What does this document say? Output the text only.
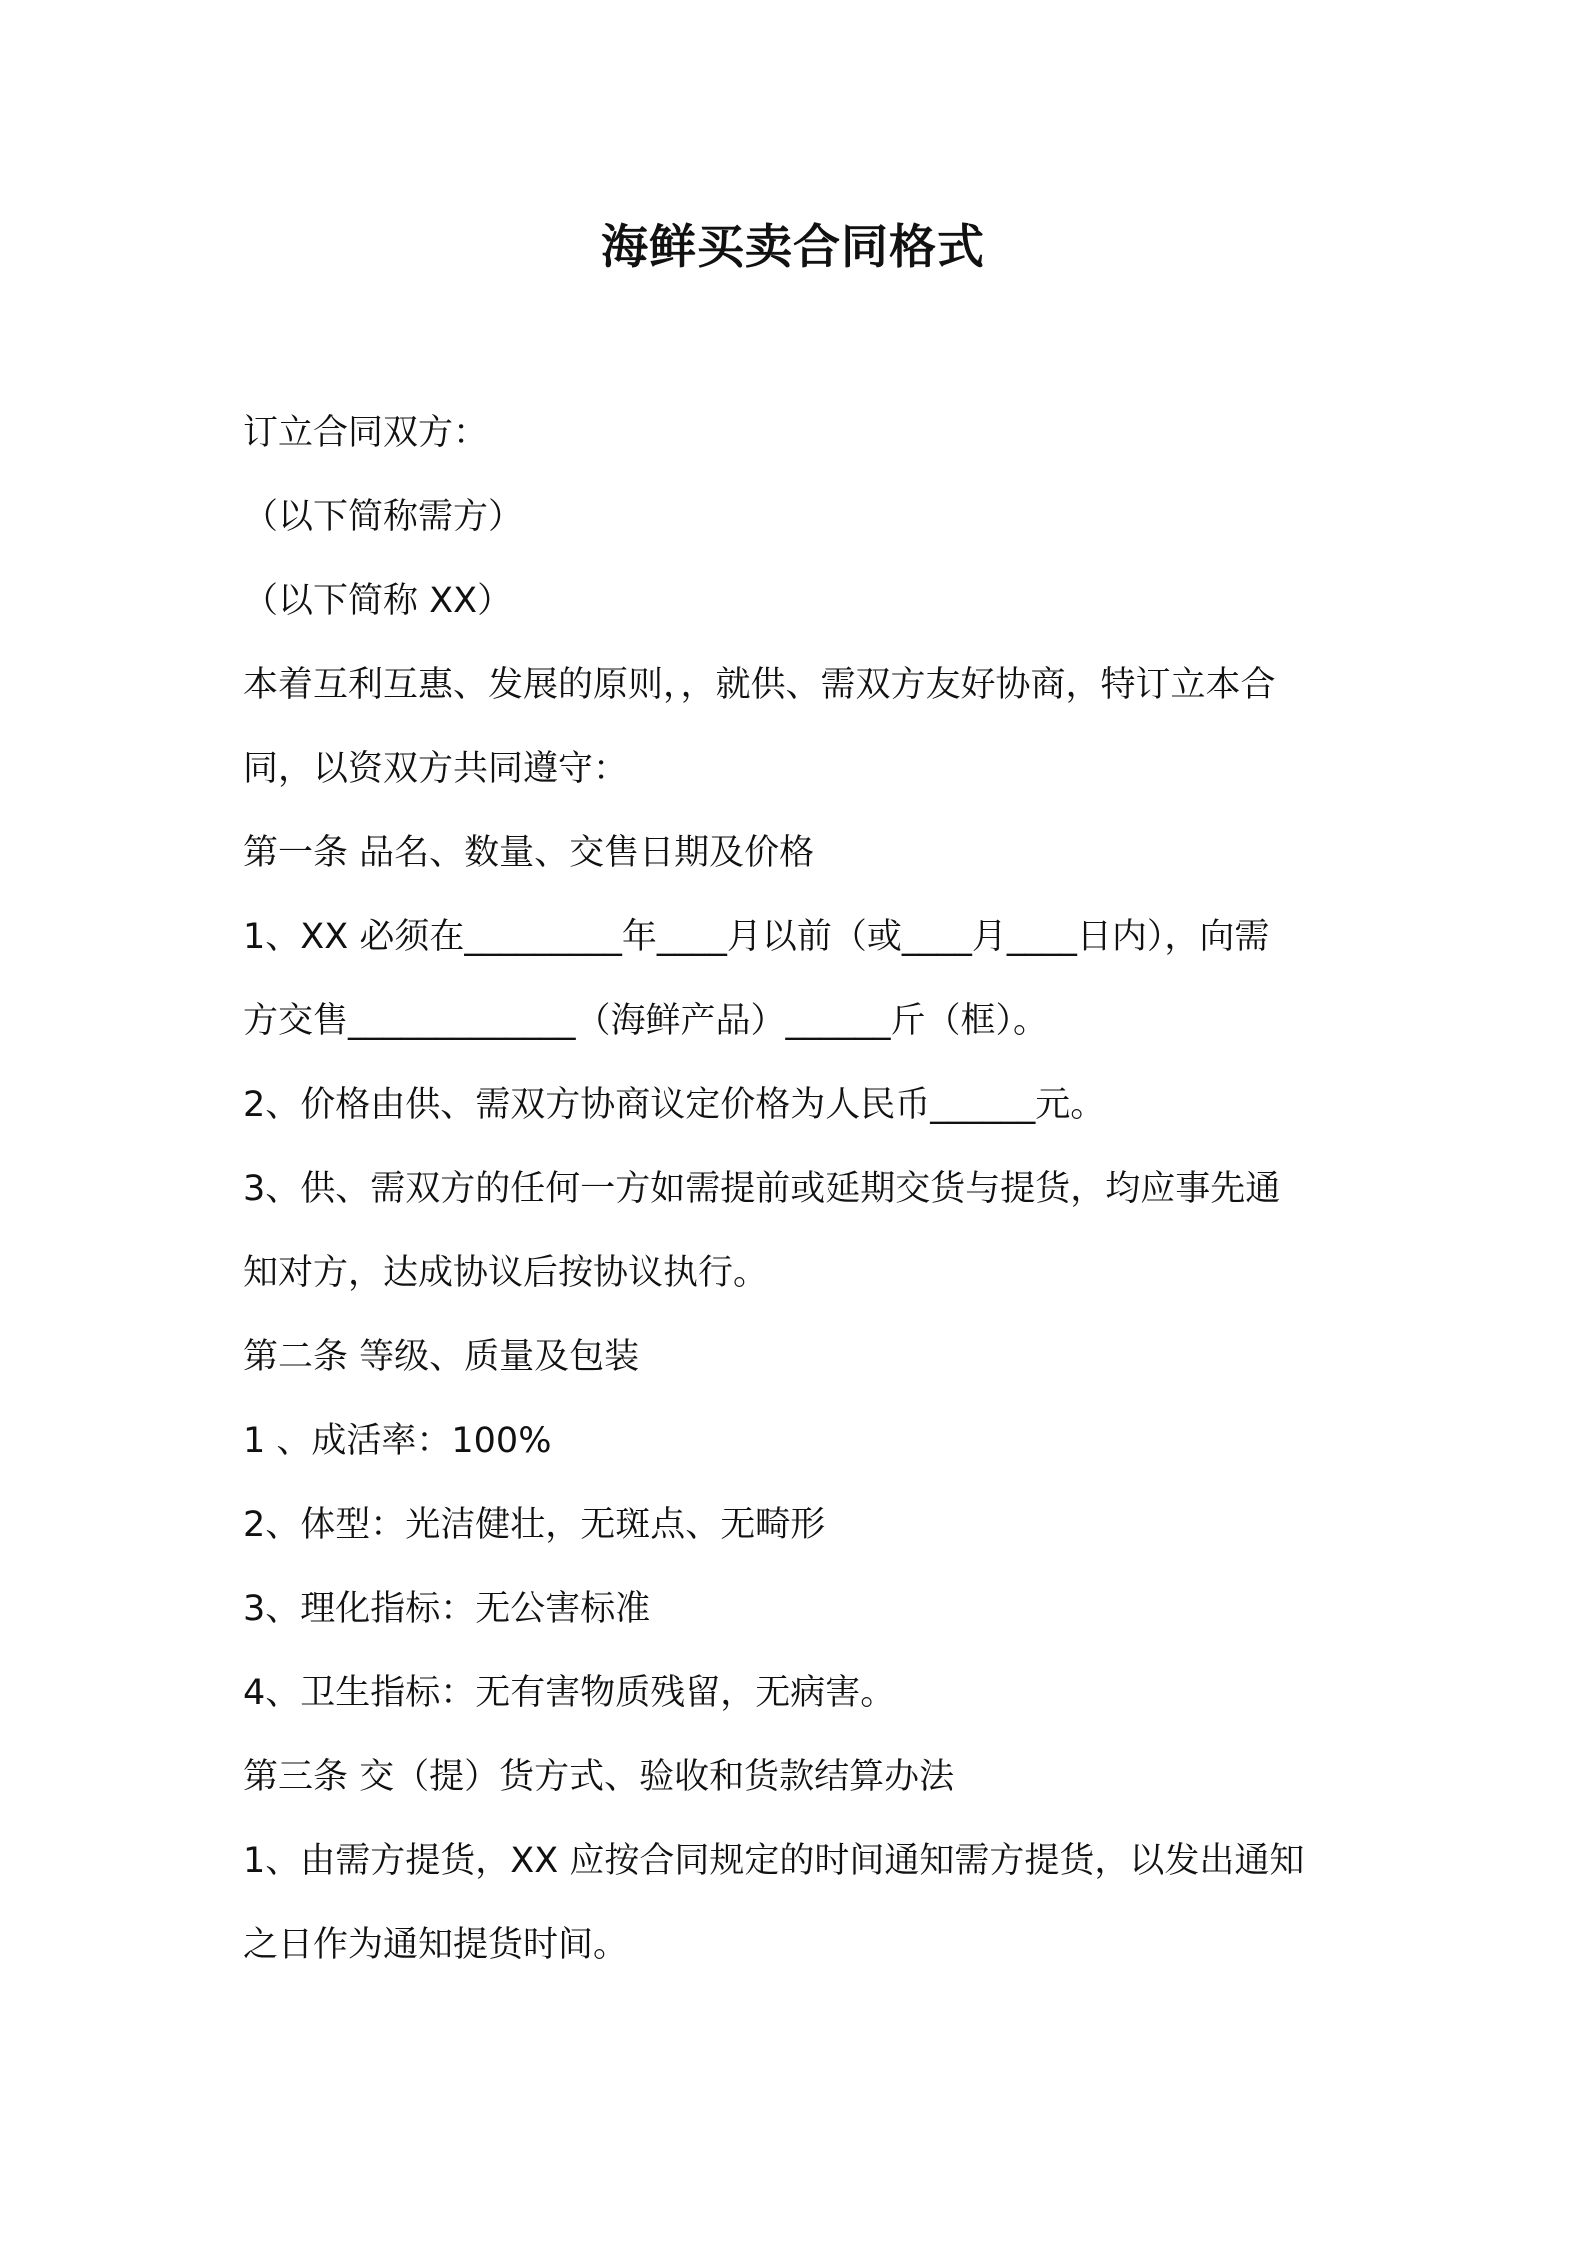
海鲜买卖合同格式
订立合同双方：
（以下简称需方）
（以下简称 XX）
本着互利互惠、发展的原则，，就供、需双方友好协商，特订立本合
同，以资双方共同遵守：
第一条 品名、数量、交售日期及价格
1、XX 必须在_________年____月以前（或____月____日内），向需
方交售_____________（海鲜产品）______斤（框）。
2、价格由供、需双方协商议定价格为人民币______元。
3、供、需双方的任何一方如需提前或延期交货与提货，均应事先通
知对方，达成协议后按协议执行。
第二条 等级、质量及包装
1 、成活率：100%
2、体型：光洁健壮，无斑点、无畸形
3、理化指标：无公害标准
4、卫生指标：无有害物质残留，无病害。
第三条 交（提）货方式、验收和货款结算办法
1、由需方提货，XX 应按合同规定的时间通知需方提货，以发出通知
之日作为通知提货时间。
